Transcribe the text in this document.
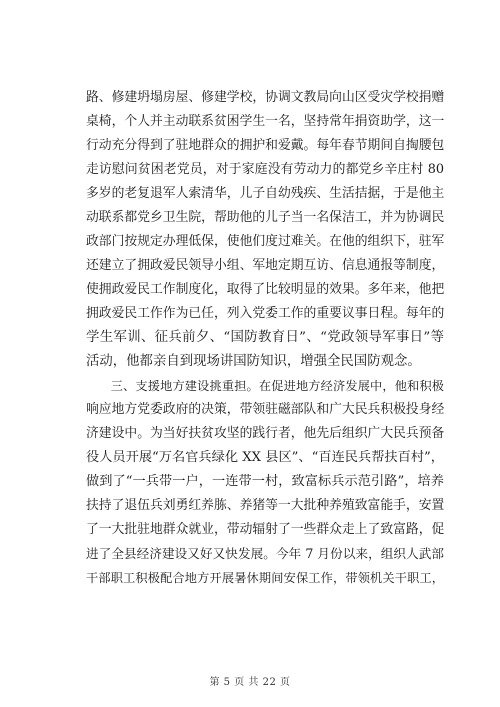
路、修建坍塌房屋、修建学校，协调文教局向山区受灾学校捐赠
桌椅，个人并主动联系贫困学生一名，坚持常年捐资助学，这一
行动充分得到了驻地群众的拥护和爱戴。每年春节期间自掏腰包
走访慰问贫困老党员，对于家庭没有劳动力的都党乡辛庄村 80
多岁的老复退军人索清华，儿子自幼残疾、生活拮据，于是他主
动联系都党乡卫生院，帮助他的儿子当一名保洁工，并为协调民
政部门按规定办理低保，使他们度过难关。在他的组织下，驻军
还建立了拥政爱民领导小组、军地定期互访、信息通报等制度，
使拥政爱民工作制度化，取得了比较明显的效果。多年来，他把
拥政爱民工作作为已任，列入党委工作的重要议事日程。每年的
学生军训、征兵前夕、“国防教育日”、“党政领导军事日”等
活动，他都亲自到现场讲国防知识，增强全民国防观念。
　　三、支援地方建设挑重担。在促进地方经济发展中，他和积极
响应地方党委政府的决策，带领驻磁部队和广大民兵积极投身经
济建设中。为当好扶贫攻坚的践行者，他先后组织广大民兵预备
役人员开展“万名官兵绿化 XX 县区”、“百连民兵帮扶百村”，
做到了“一兵带一户，一连带一村，致富标兵示范引路”，培养
扶持了退伍兵刘勇红养胨、养猪等一大批种养殖致富能手，安置
了一大批驻地群众就业，带动辐射了一些群众走上了致富路，促
进了全县经济建设又好又快发展。今年 7 月份以来，组织人武部
干部职工积极配合地方开展暑休期间安保工作，带领机关干职工，
第 5 页 共 22 页
